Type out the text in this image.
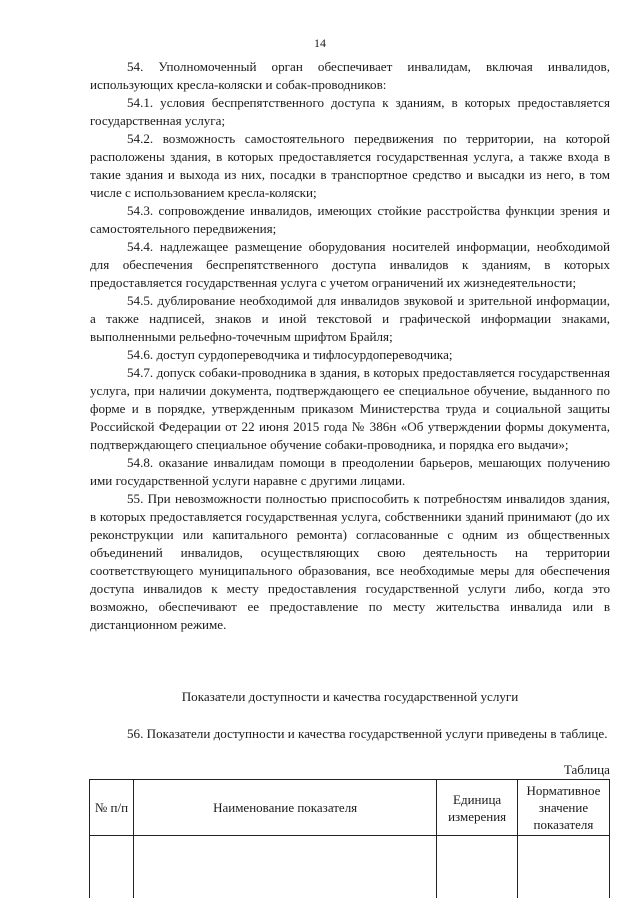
14

54. Уполномоченный орган обеспечивает инвалидам, включая инвалидов, использующих кресла-коляски и собак-проводников:

54.1. условия беспрепятственного доступа к зданиям, в которых предоставляется государственная услуга;

54.2. возможность самостоятельного передвижения по территории, на которой расположены здания, в которых предоставляется государственная услуга, а также входа в такие здания и выхода из них, посадки в транспортное средство и высадки из него, в том числе с использованием кресла-коляски;

54.3. сопровождение инвалидов, имеющих стойкие расстройства функции зрения и самостоятельного передвижения;

54.4. надлежащее размещение оборудования носителей информации, необходимой для обеспечения беспрепятственного доступа инвалидов к зданиям, в которых предоставляется государственная услуга с учетом ограничений их жизнедеятельности;

54.5. дублирование необходимой для инвалидов звуковой и зрительной информации, а также надписей, знаков и иной текстовой и графической информации знаками, выполненными рельефно-точечным шрифтом Брайля;

54.6. доступ сурдопереводчика и тифлосурдопереводчика;

54.7. допуск собаки-проводника в здания, в которых предоставляется государственная услуга, при наличии документа, подтверждающего ее специальное обучение, выданного по форме и в порядке, утвержденным приказом Министерства труда и социальной защиты Российской Федерации от 22 июня 2015 года № 386н «Об утверждении формы документа, подтверждающего специальное обучение собаки-проводника, и порядка его выдачи»;

54.8. оказание инвалидам помощи в преодолении барьеров, мешающих получению ими государственной услуги наравне с другими лицами.

55. При невозможности полностью приспособить к потребностям инвалидов здания, в которых предоставляется государственная услуга, собственники зданий принимают (до их реконструкции или капитального ремонта) согласованные с одним из общественных объединений инвалидов, осуществляющих свою деятельность на территории соответствующего муниципального образования, все необходимые меры для обеспечения доступа инвалидов к месту предоставления государственной услуги либо, когда это возможно, обеспечивают ее предоставление по месту жительства инвалида или в дистанционном режиме.

Показатели доступности и качества государственной услуги

56. Показатели доступности и качества государственной услуги приведены в таблице.

Таблица
№ п/п	Наименование показателя	Единица измерения	Нормативное значение показателя
